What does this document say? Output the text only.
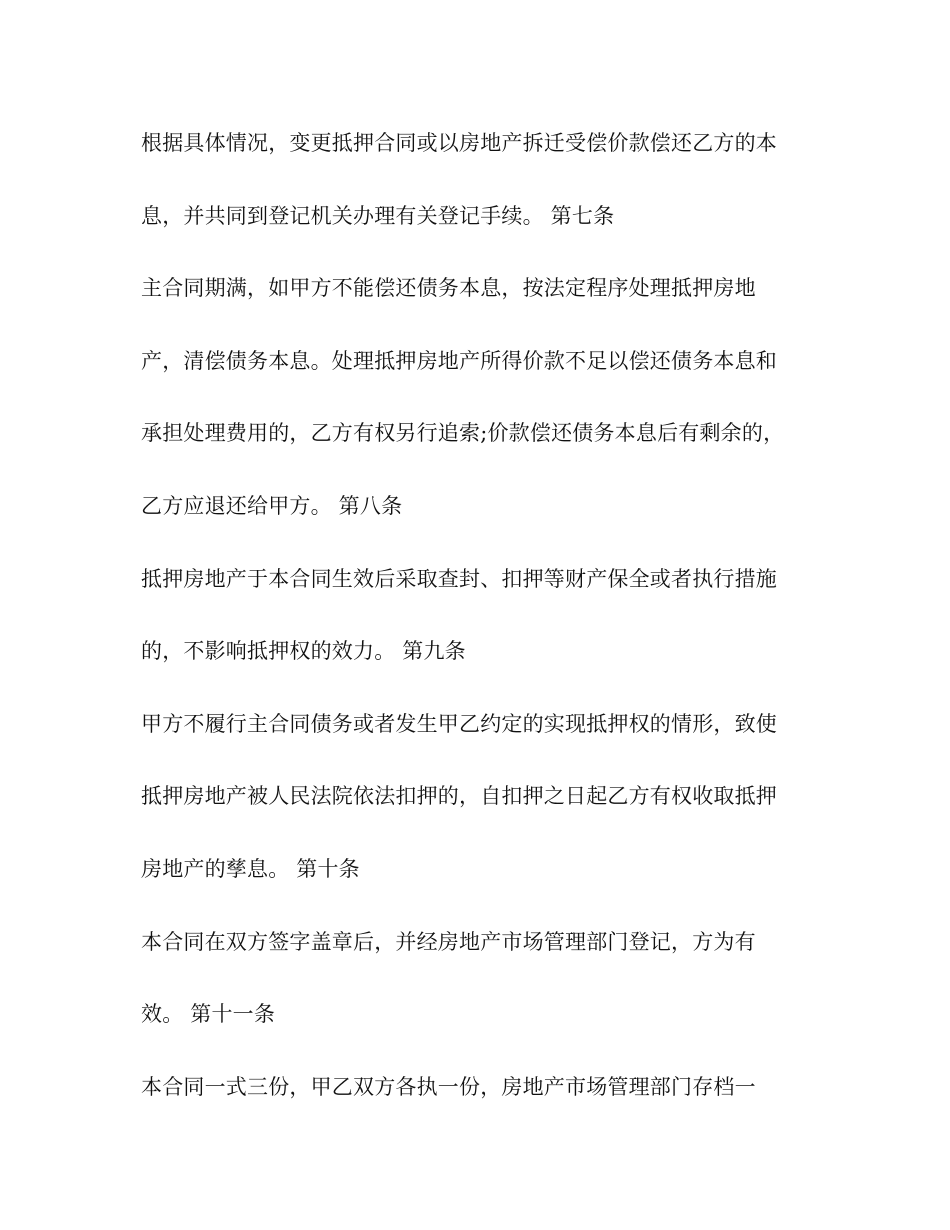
根据具体情况，变更抵押合同或以房地产拆迁受偿价款偿还乙方的本
息，并共同到登记机关办理有关登记手续。 第七条
主合同期满，如甲方不能偿还债务本息，按法定程序处理抵押房地
产，清偿债务本息。处理抵押房地产所得价款不足以偿还债务本息和
承担处理费用的，乙方有权另行追索;价款偿还债务本息后有剩余的，
乙方应退还给甲方。 第八条
抵押房地产于本合同生效后采取查封、扣押等财产保全或者执行措施
的，不影响抵押权的效力。 第九条
甲方不履行主合同债务或者发生甲乙约定的实现抵押权的情形，致使
抵押房地产被人民法院依法扣押的，自扣押之日起乙方有权收取抵押
房地产的孳息。 第十条
本合同在双方签字盖章后，并经房地产市场管理部门登记，方为有
效。 第十一条
本合同一式三份，甲乙双方各执一份，房地产市场管理部门存档一
